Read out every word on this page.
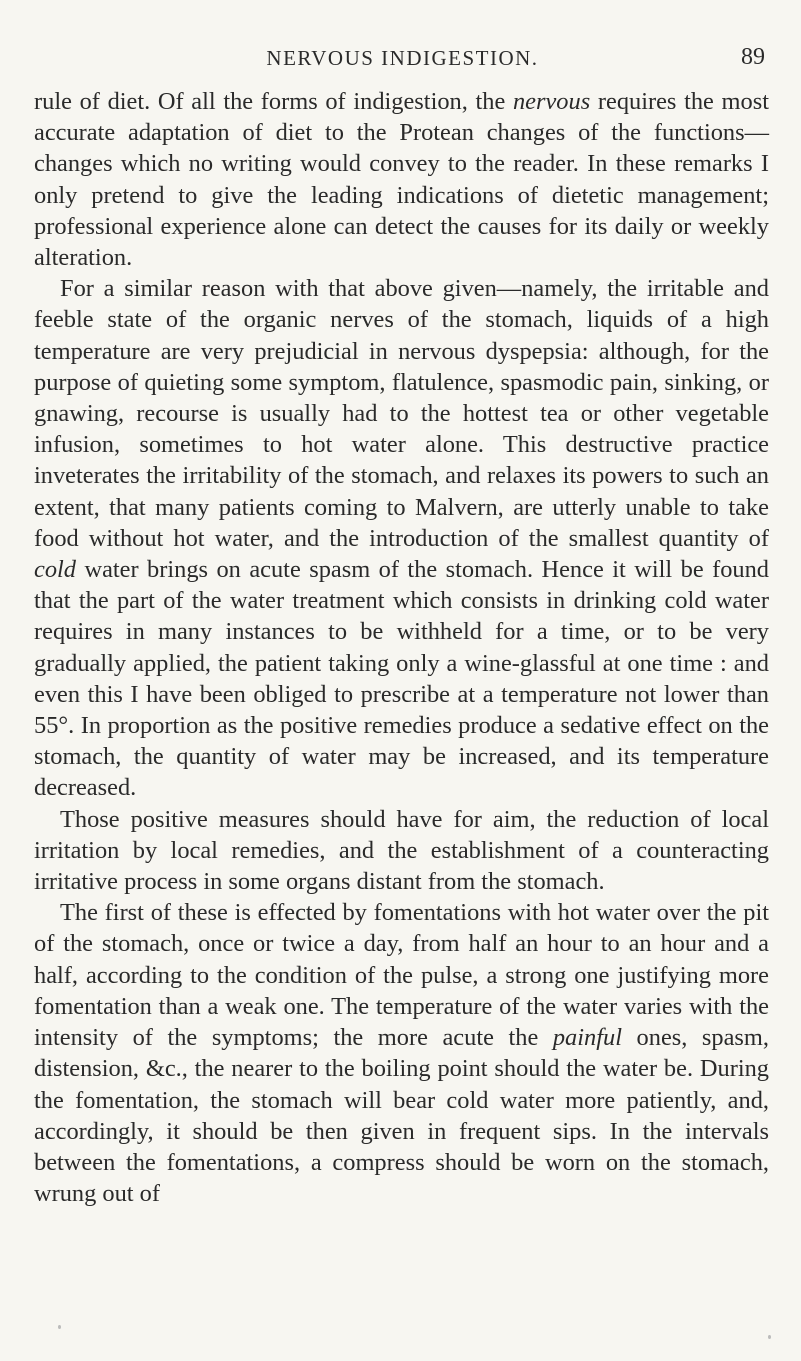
NERVOUS INDIGESTION.	89

rule of diet. Of all the forms of indigestion, the nervous requires the most accurate adaptation of diet to the Protean changes of the functions—changes which no writing would convey to the reader. In these remarks I only pretend to give the leading indications of dietetic management; professional experience alone can detect the causes for its daily or weekly alteration.

For a similar reason with that above given—namely, the irritable and feeble state of the organic nerves of the stomach, liquids of a high temperature are very prejudicial in nervous dyspepsia: although, for the purpose of quieting some symptom, flatulence, spasmodic pain, sinking, or gnawing, recourse is usually had to the hottest tea or other vegetable infusion, sometimes to hot water alone. This destructive practice inveterates the irritability of the stomach, and relaxes its powers to such an extent, that many patients coming to Malvern, are utterly unable to take food without hot water, and the introduction of the smallest quantity of cold water brings on acute spasm of the stomach. Hence it will be found that the part of the water treatment which consists in drinking cold water requires in many instances to be withheld for a time, or to be very gradually applied, the patient taking only a wine-glassful at one time : and even this I have been obliged to prescribe at a temperature not lower than 55°. In proportion as the positive remedies produce a sedative effect on the stomach, the quantity of water may be increased, and its temperature decreased.

Those positive measures should have for aim, the reduction of local irritation by local remedies, and the establishment of a counteracting irritative process in some organs distant from the stomach.

The first of these is effected by fomentations with hot water over the pit of the stomach, once or twice a day, from half an hour to an hour and a half, according to the condition of the pulse, a strong one justifying more fomentation than a weak one. The temperature of the water varies with the intensity of the symptoms; the more acute the painful ones, spasm, distension, &c., the nearer to the boiling point should the water be. During the fomentation, the stomach will bear cold water more patiently, and, accordingly, it should be then given in frequent sips. In the intervals between the fomentations, a compress should be worn on the stomach, wrung out of
